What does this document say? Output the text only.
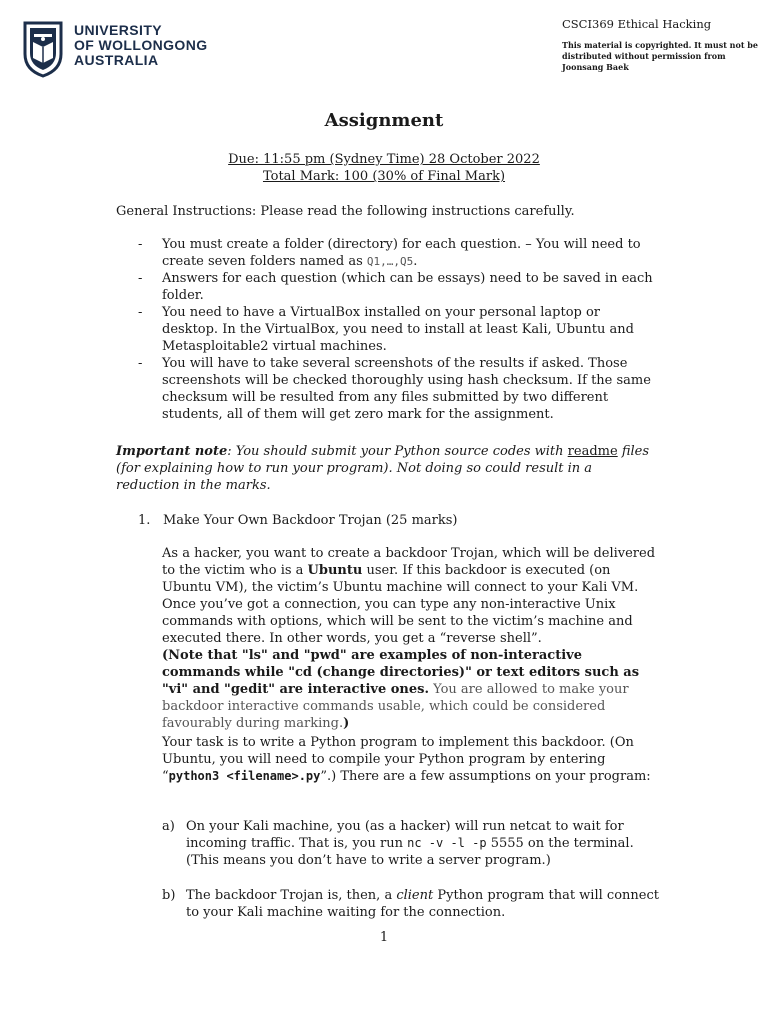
UNIVERSITY
OF WOLLONGONG
AUSTRALIA
CSCI369 Ethical Hacking
This material is copyrighted. It must not be distributed without permission from Joonsang Baek
Assignment
Due: 11:55 pm (Sydney Time) 28 October 2022
Total Mark: 100 (30% of Final Mark)
General Instructions: Please read the following instructions carefully.
- You must create a folder (directory) for each question. – You will need to create seven folders named as Q1,…,Q5.
- Answers for each question (which can be essays) need to be saved in each folder.
- You need to have a VirtualBox installed on your personal laptop or desktop. In the VirtualBox, you need to install at least Kali, Ubuntu and Metasploitable2 virtual machines.
- You will have to take several screenshots of the results if asked. Those screenshots will be checked thoroughly using hash checksum. If the same checksum will be resulted from any files submitted by two different students, all of them will get zero mark for the assignment.
Important note: You should submit your Python source codes with readme files (for explaining how to run your program). Not doing so could result in a reduction in the marks.
1. Make Your Own Backdoor Trojan (25 marks)
As a hacker, you want to create a backdoor Trojan, which will be delivered to the victim who is a Ubuntu user. If this backdoor is executed (on Ubuntu VM), the victim’s Ubuntu machine will connect to your Kali VM. Once you’ve got a connection, you can type any non-interactive Unix commands with options, which will be sent to the victim’s machine and executed there. In other words, you get a “reverse shell”.
(Note that "ls" and "pwd" are examples of non-interactive commands while "cd (change directories)" or text editors such as "vi" and "gedit" are interactive ones. You are allowed to make your backdoor interactive commands usable, which could be considered favourably during marking.)
Your task is to write a Python program to implement this backdoor. (On Ubuntu, you will need to compile your Python program by entering “python3 <filename>.py”.) There are a few assumptions on your program:
a) On your Kali machine, you (as a hacker) will run netcat to wait for incoming traffic. That is, you run nc -v -l -p 5555 on the terminal. (This means you don’t have to write a server program.)
b) The backdoor Trojan is, then, a client Python program that will connect to your Kali machine waiting for the connection.
1
